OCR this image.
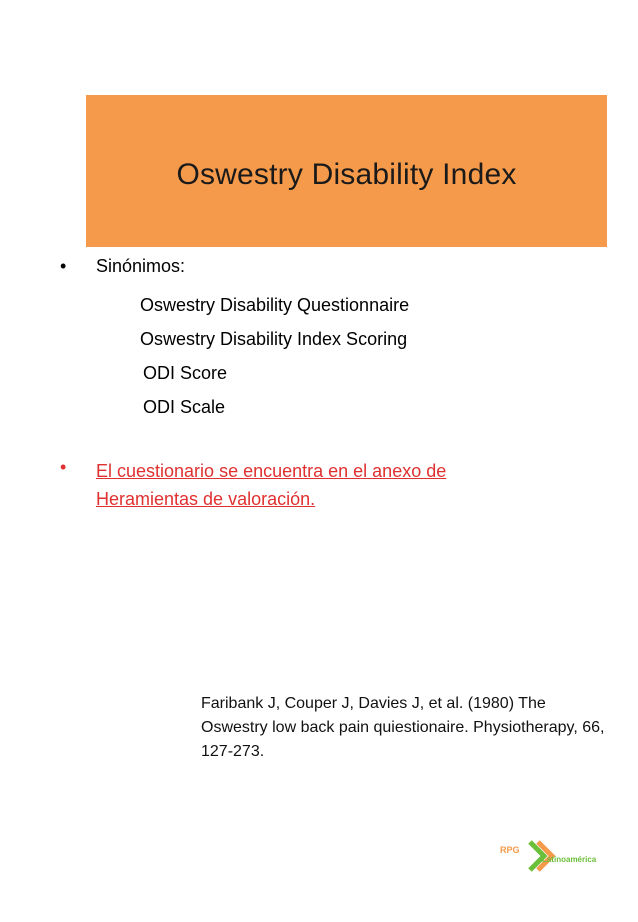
Oswestry Disability Index
• Sinónimos:
Oswestry Disability Questionnaire
Oswestry Disability Index Scoring
ODI Score
ODI Scale
• El cuestionario se encuentra en el anexo de Heramientas de valoración.
Faribank J, Couper J, Davies J, et al. (1980) The Oswestry low back pain quiestionaire. Physiotherapy, 66, 127-273.
RPG
Latinoamérica
